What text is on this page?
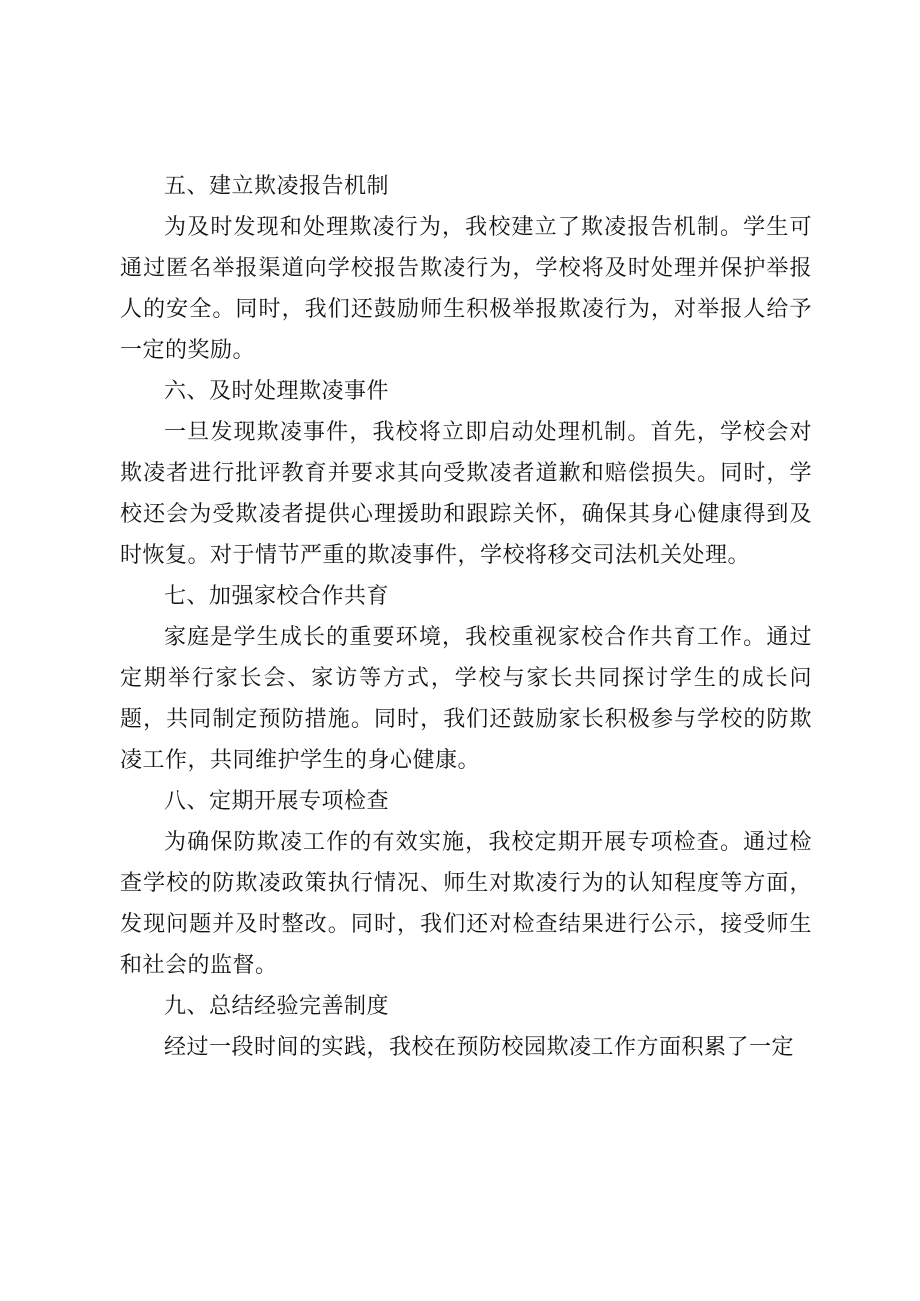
五、建立欺凌报告机制

为及时发现和处理欺凌行为，我校建立了欺凌报告机制。学生可通过匿名举报渠道向学校报告欺凌行为，学校将及时处理并保护举报人的安全。同时，我们还鼓励师生积极举报欺凌行为，对举报人给予一定的奖励。

六、及时处理欺凌事件

一旦发现欺凌事件，我校将立即启动处理机制。首先，学校会对欺凌者进行批评教育并要求其向受欺凌者道歉和赔偿损失。同时，学校还会为受欺凌者提供心理援助和跟踪关怀，确保其身心健康得到及时恢复。对于情节严重的欺凌事件，学校将移交司法机关处理。

七、加强家校合作共育

家庭是学生成长的重要环境，我校重视家校合作共育工作。通过定期举行家长会、家访等方式，学校与家长共同探讨学生的成长问题，共同制定预防措施。同时，我们还鼓励家长积极参与学校的防欺凌工作，共同维护学生的身心健康。

八、定期开展专项检查

为确保防欺凌工作的有效实施，我校定期开展专项检查。通过检查学校的防欺凌政策执行情况、师生对欺凌行为的认知程度等方面，发现问题并及时整改。同时，我们还对检查结果进行公示，接受师生和社会的监督。

九、总结经验完善制度

经过一段时间的实践，我校在预防校园欺凌工作方面积累了一定
